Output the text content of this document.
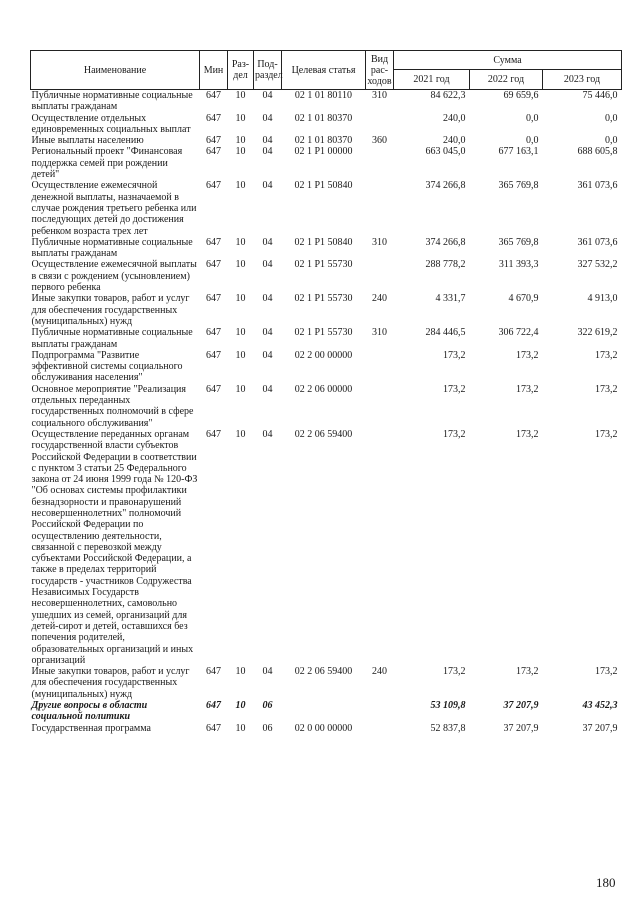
Наименование	Мин	Раз- дел	Под- раздел	Целевая статья	Вид рас- ходов	Сумма		
						2021 год	2022 год	2023 год
Публичные нормативные социальные выплаты гражданам	647	10	04	02 1 01 80110	310	84 622,3	69 659,6	75 446,0
Осуществление отдельных единовременных социальных выплат	647	10	04	02 1 01 80370		240,0	0,0	0,0
Иные выплаты населению	647	10	04	02 1 01 80370	360	240,0	0,0	0,0
Региональный проект "Финансовая поддержка семей при рождении детей"	647	10	04	02 1 P1 00000		663 045,0	677 163,1	688 605,8
Осуществление ежемесячной денежной выплаты, назначаемой в случае рождения третьего ребенка или последующих детей до достижения ребенком возраста трех лет	647	10	04	02 1 P1 50840		374 266,8	365 769,8	361 073,6
Публичные нормативные социальные выплаты гражданам	647	10	04	02 1 P1 50840	310	374 266,8	365 769,8	361 073,6
Осуществление ежемесячной выплаты в связи с рождением (усыновлением) первого ребенка	647	10	04	02 1 P1 55730		288 778,2	311 393,3	327 532,2
Иные закупки товаров, работ и услуг для обеспечения государственных (муниципальных) нужд	647	10	04	02 1 P1 55730	240	4 331,7	4 670,9	4 913,0
Публичные нормативные социальные выплаты гражданам	647	10	04	02 1 P1 55730	310	284 446,5	306 722,4	322 619,2
Подпрограмма "Развитие эффективной системы социального обслуживания населения"	647	10	04	02 2 00 00000		173,2	173,2	173,2
Основное мероприятие "Реализация отдельных переданных государственных полномочий в сфере социального обслуживания"	647	10	04	02 2 06 00000		173,2	173,2	173,2
Осуществление переданных органам государственной власти субъектов Российской Федерации в соответствии с пунктом 3 статьи 25 Федерального закона от 24 июня 1999 года № 120-ФЗ "Об основах системы профилактики безнадзорности и правонарушений несовершеннолетних" полномочий Российской Федерации по осуществлению деятельности, связанной с перевозкой между субъектами Российской Федерации, а также в пределах территорий государств - участников Содружества Независимых Государств несовершеннолетних, самовольно ушедших из семей, организаций для детей-сирот и детей, оставшихся без попечения родителей, образовательных организаций и иных организаций	647	10	04	02 2 06 59400		173,2	173,2	173,2
Иные закупки товаров, работ и услуг для обеспечения государственных (муниципальных) нужд	647	10	04	02 2 06 59400	240	173,2	173,2	173,2
Другие вопросы в области социальной политики	647	10	06			53 109,8	37 207,9	43 452,3
Государственная программа	647	10	06	02 0 00 00000		52 837,8	37 207,9	37 207,9
180
